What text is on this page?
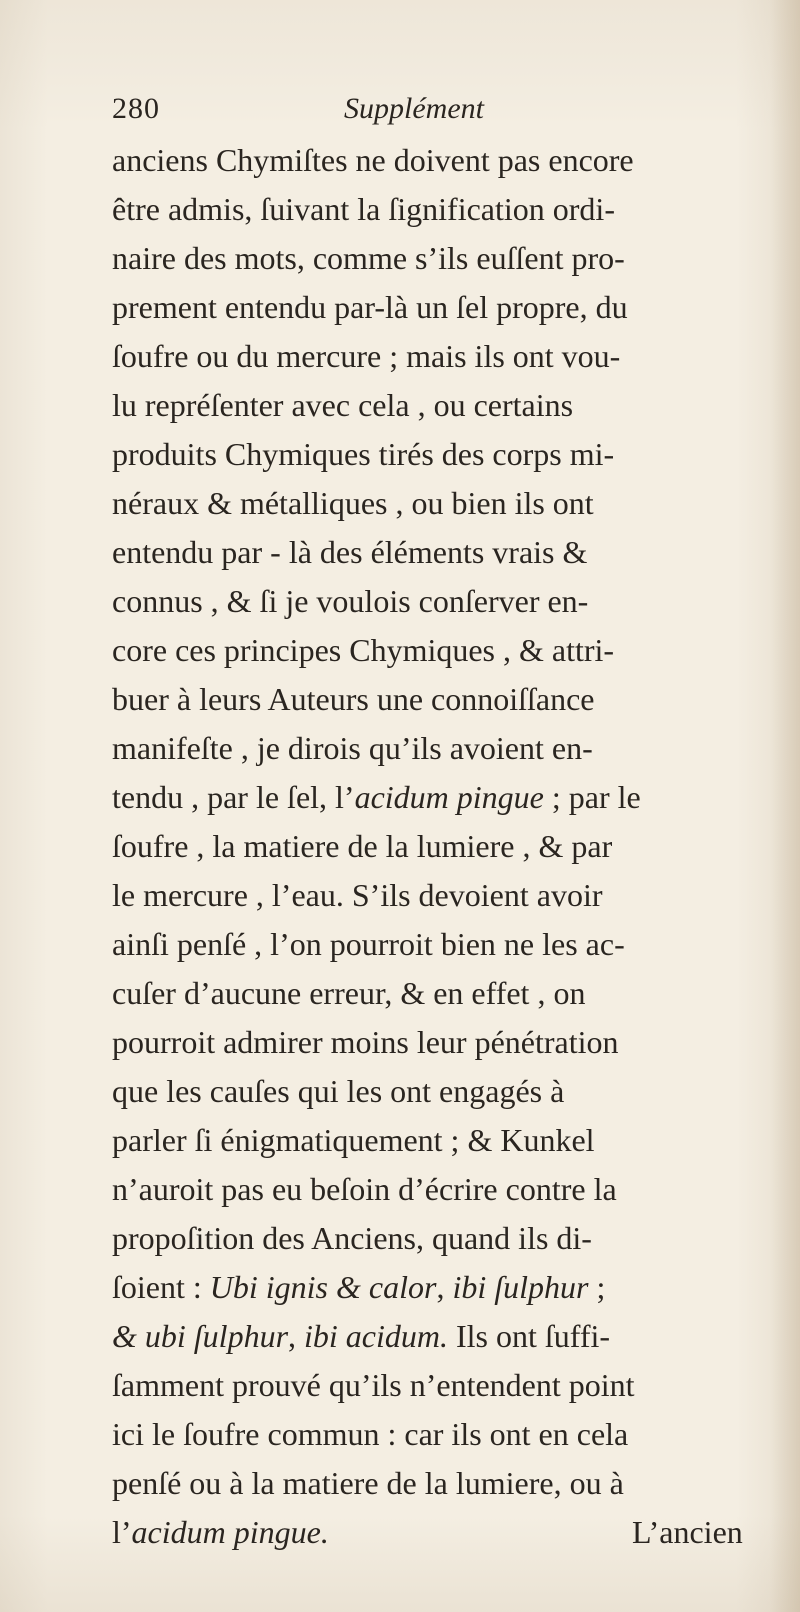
280	Supplément
anciens Chymiſtes ne doivent pas encore
être admis, ſuivant la ſignification ordi-
naire des mots, comme s’ils euſſent pro-
prement entendu par-là un ſel propre, du
ſoufre ou du mercure ; mais ils ont vou-
lu repréſenter avec cela , ou certains
produits Chymiques tirés des corps mi-
néraux & métalliques , ou bien ils ont
entendu par - là des éléments vrais &
connus , & ſi je voulois conſerver en-
core ces principes Chymiques , & attri-
buer à leurs Auteurs une connoiſſance
manifeſte , je dirois qu’ils avoient en-
tendu , par le ſel, l’acidum pingue ; par le
ſoufre , la matiere de la lumiere , & par
le mercure , l’eau. S’ils devoient avoir
ainſi penſé , l’on pourroit bien ne les ac-
cuſer d’aucune erreur, & en effet , on
pourroit admirer moins leur pénétration
que les cauſes qui les ont engagés à
parler ſi énigmatiquement ; & Kunkel
n’auroit pas eu beſoin d’écrire contre la
propoſition des Anciens, quand ils di-
ſoient : Ubi ignis & calor, ibi ſulphur ;
& ubi ſulphur, ibi acidum. Ils ont ſuffi-
ſamment prouvé qu’ils n’entendent point
ici le ſoufre commun : car ils ont en cela
penſé ou à la matiere de la lumiere, ou à
l’acidum pingue.	L’ancien
